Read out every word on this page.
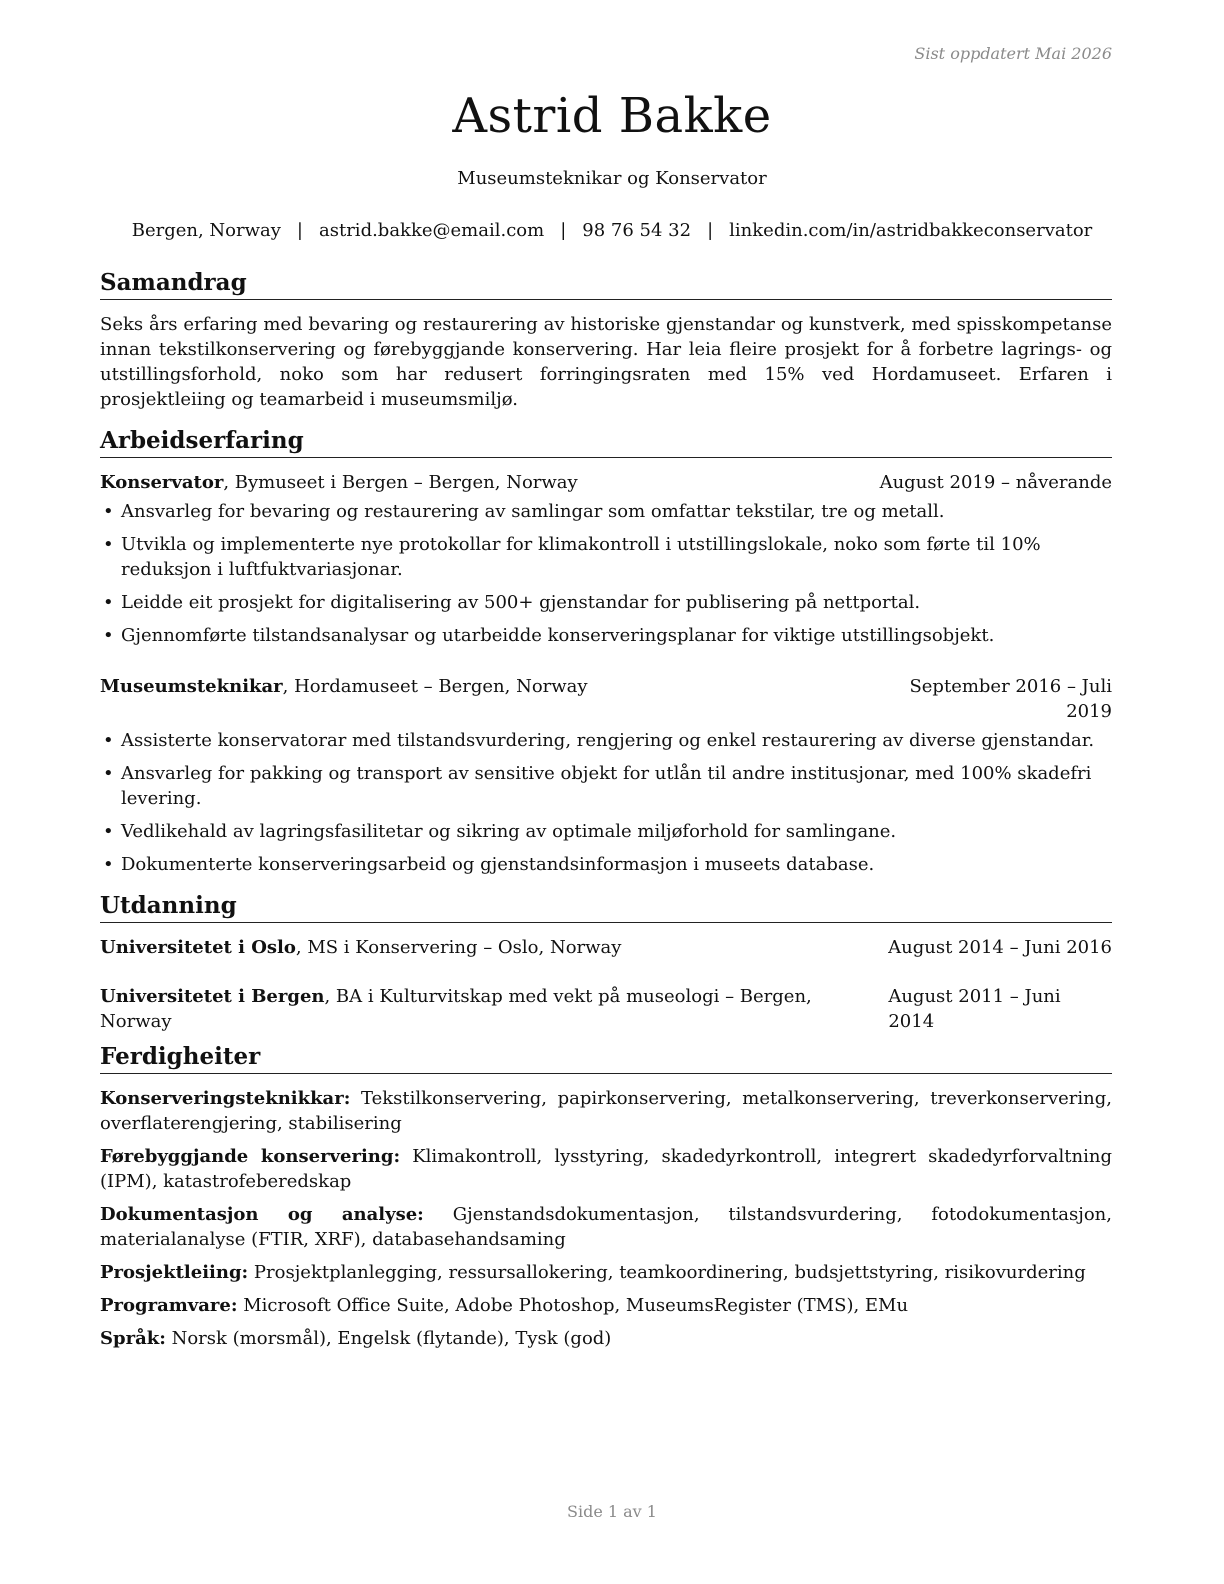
Sist oppdatert Mai 2026
Astrid Bakke
Museumsteknikar og Konservator
Bergen, Norway | astrid.bakke@email.com | 98 76 54 32 | linkedin.com/in/astridbakkeconservator
Samandrag
Seks års erfaring med bevaring og restaurering av historiske gjenstandar og kunstverk, med spisskompetanse innan tekstilkonservering og førebyggjande konservering. Har leia fleire prosjekt for å forbetre lagrings- og utstillingsforhold, noko som har redusert forringingsraten med 15% ved Hordamuseet. Erfaren i prosjektleiing og teamarbeid i museumsmiljø.
Arbeidserfaring
Konservator, Bymuseet i Bergen – Bergen, Norway	August 2019 – nåverande
• Ansvarleg for bevaring og restaurering av samlingar som omfattar tekstilar, tre og metall.
• Utvikla og implementerte nye protokollar for klimakontroll i utstillingslokale, noko som førte til 10% reduksjon i luftfuktvariasjonar.
• Leidde eit prosjekt for digitalisering av 500+ gjenstandar for publisering på nettportal.
• Gjennomførte tilstandsanalysar og utarbeidde konserveringsplanar for viktige utstillingsobjekt.
Museumsteknikar, Hordamuseet – Bergen, Norway	September 2016 – Juli 2019
• Assisterte konservatorar med tilstandsvurdering, rengjering og enkel restaurering av diverse gjenstandar.
• Ansvarleg for pakking og transport av sensitive objekt for utlån til andre institusjonar, med 100% skadefri levering.
• Vedlikehald av lagringsfasilitetar og sikring av optimale miljøforhold for samlingane.
• Dokumenterte konserveringsarbeid og gjenstandsinformasjon i museets database.
Utdanning
Universitetet i Oslo, MS i Konservering – Oslo, Norway	August 2014 – Juni 2016
Universitetet i Bergen, BA i Kulturvitskap med vekt på museologi – Bergen, Norway
August 2011 – Juni 2014
Ferdigheiter
Konserveringsteknikkar: Tekstilkonservering, papirkonservering, metalkonservering, treverkonservering, overflaterengjering, stabilisering
Førebyggjande konservering: Klimakontroll, lysstyring, skadedyrkontroll, integrert skadedyrforvaltning (IPM), katastrofeberedskap
Dokumentasjon og analyse: Gjenstandsdokumentasjon, tilstandsvurdering, fotodokumentasjon, materialanalyse (FTIR, XRF), databasehandsaming
Prosjektleiing: Prosjektplanlegging, ressursallokering, teamkoordinering, budsjettstyring, risikovurdering
Programvare: Microsoft Office Suite, Adobe Photoshop, MuseumsRegister (TMS), EMu
Språk: Norsk (morsmål), Engelsk (flytande), Tysk (god)
Side 1 av 1
